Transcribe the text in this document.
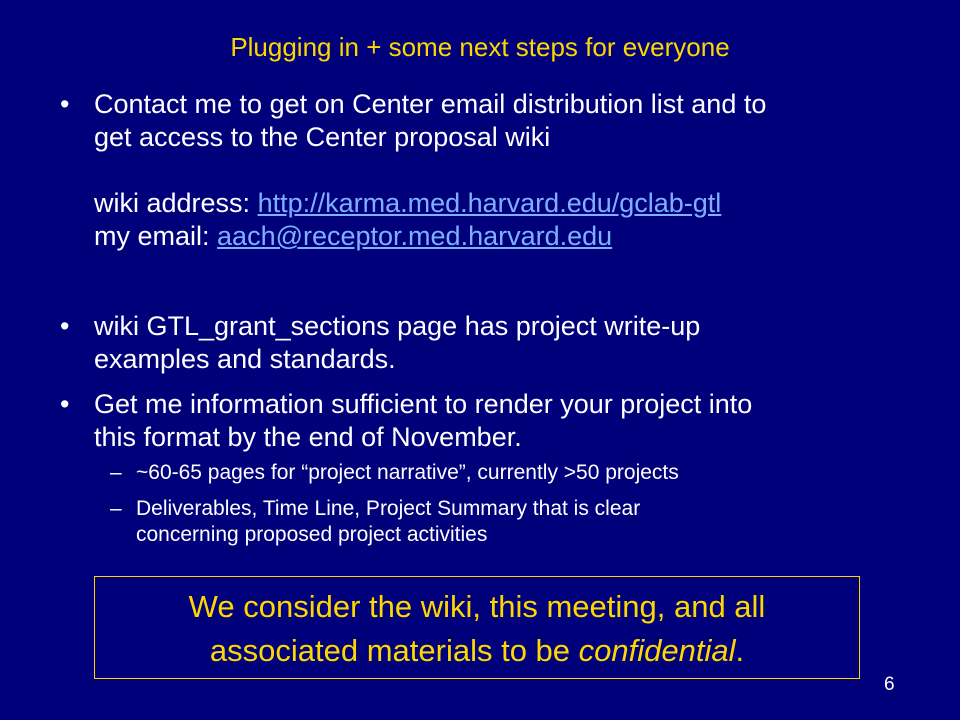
Plugging in + some next steps for everyone
• Contact me to get on Center email distribution list and to
get access to the Center proposal wiki

wiki address: http://karma.med.harvard.edu/gclab-gtl
my email: aach@receptor.med.harvard.edu
• wiki GTL_grant_sections page has project write-up
examples and standards.
• Get me information sufficient to render your project into
this format by the end of November.
– ~60-65 pages for “project narrative”, currently >50 projects
– Deliverables, Time Line, Project Summary that is clear
concerning proposed project activities
We consider the wiki, this meeting, and all
associated materials to be confidential.
6
